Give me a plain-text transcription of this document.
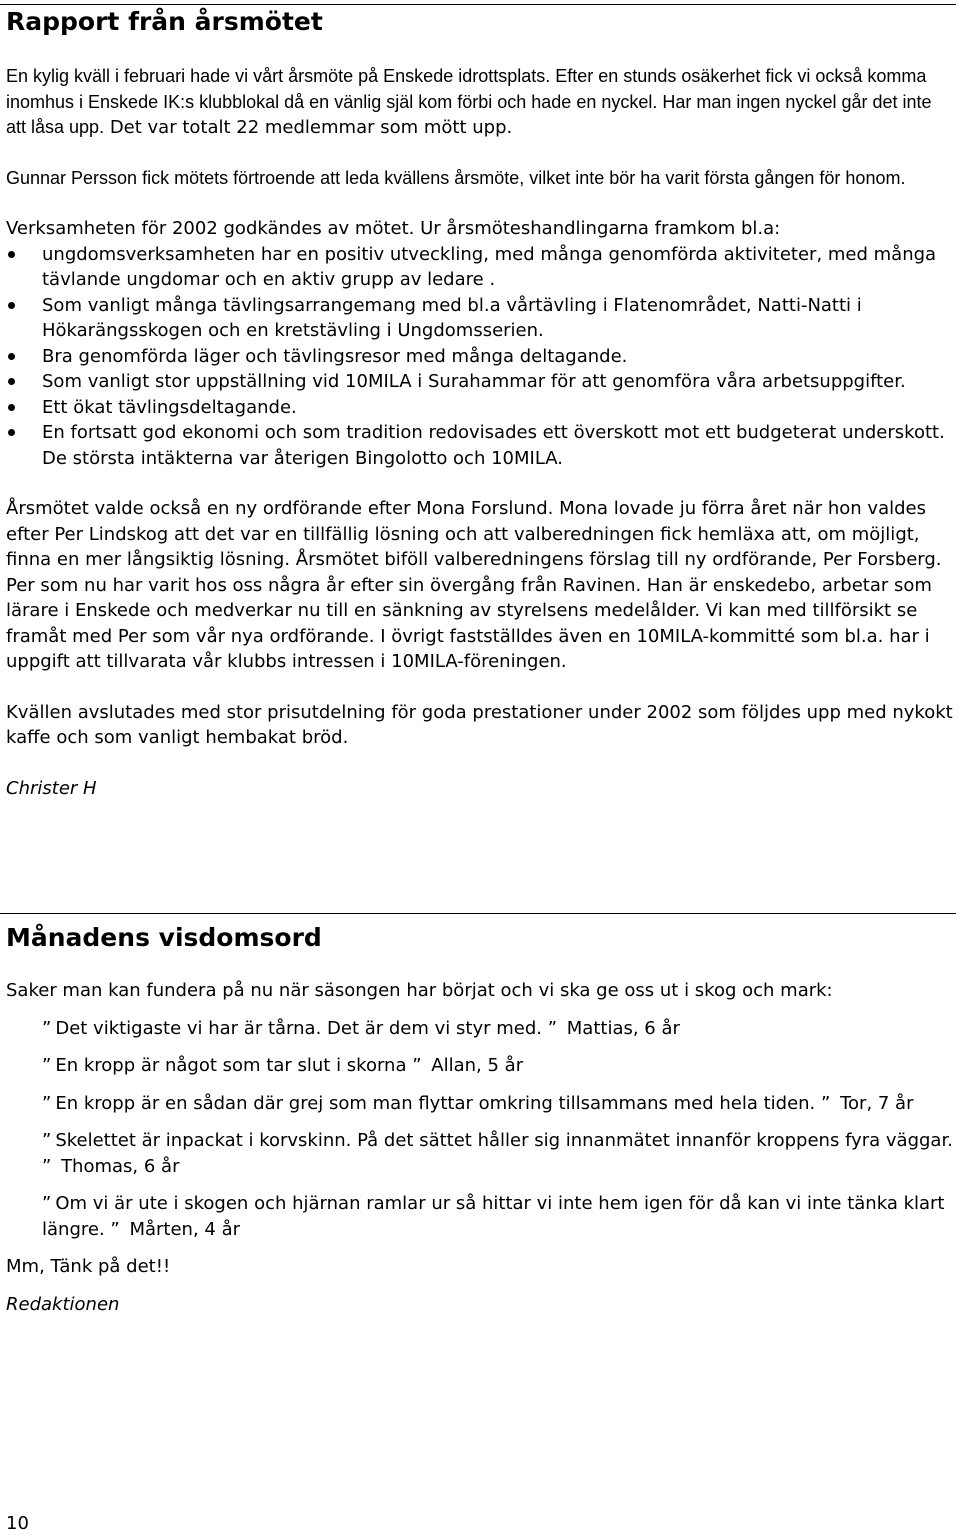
Rapport från årsmötet

En kylig kväll i februari hade vi vårt årsmöte på Enskede idrottsplats. Efter en stunds osäkerhet fick vi också komma inomhus i Enskede IK:s klubblokal då en vänlig själ kom förbi och hade en nyckel. Har man ingen nyckel går det inte att låsa upp. Det var totalt 22 medlemmar som mött upp.

Gunnar Persson fick mötets förtroende att leda kvällens årsmöte, vilket inte bör ha varit första gången för honom.

Verksamheten för 2002 godkändes av mötet. Ur årsmöteshandlingarna framkom bl.a:

ungdomsverksamheten har en positiv utveckling, med många genomförda aktiviteter, med många tävlande ungdomar och en aktiv grupp av ledare .
Som vanligt många tävlingsarrangemang med bl.a vårtävling i Flatenområdet, Natti-Natti i Hökarängsskogen och en kretstävling i Ungdomsserien.
Bra genomförda läger och tävlingsresor med många deltagande.
Som vanligt stor uppställning vid 10MILA i Surahammar för att genomföra våra arbetsuppgifter.
Ett ökat tävlingsdeltagande.
En fortsatt god ekonomi och som tradition redovisades ett överskott mot ett budgeterat underskott. De största intäkterna var återigen Bingolotto och 10MILA.

Årsmötet valde också en ny ordförande efter Mona Forslund. Mona lovade ju förra året när hon valdes efter Per Lindskog att det var en tillfällig lösning och att valberedningen fick hemläxa att, om möjligt, finna en mer långsiktig lösning. Årsmötet biföll valberedningens förslag till ny ordförande, Per Forsberg. Per som nu har varit hos oss några år efter sin övergång från Ravinen. Han är enskedebo, arbetar som lärare i Enskede och medverkar nu till en sänkning av styrelsens medelålder. Vi kan med tillförsikt se framåt med Per som vår nya ordförande. I övrigt fastställdes även en 10MILA-kommitté som bl.a. har i uppgift att tillvarata vår klubbs intressen i 10MILA-föreningen.

Kvällen avslutades med stor prisutdelning för goda prestationer under 2002 som följdes upp med nykokt kaffe och som vanligt hembakat bröd.

Christer H

Månadens visdomsord

Saker man kan fundera på nu när säsongen har börjat och vi ska ge oss ut i skog och mark:

” Det viktigaste vi har är tårna. Det är dem vi styr med. ” Mattias, 6 år

” En kropp är något som tar slut i skorna ” Allan, 5 år

” En kropp är en sådan där grej som man flyttar omkring tillsammans med hela tiden. ” Tor, 7 år

” Skelettet är inpackat i korvskinn. På det sättet håller sig innanmätet innanför kroppens fyra väggar. ” Thomas, 6 år

” Om vi är ute i skogen och hjärnan ramlar ur så hittar vi inte hem igen för då kan vi inte tänka klart längre. ” Mårten, 4 år

Mm, Tänk på det!!

Redaktionen

10
